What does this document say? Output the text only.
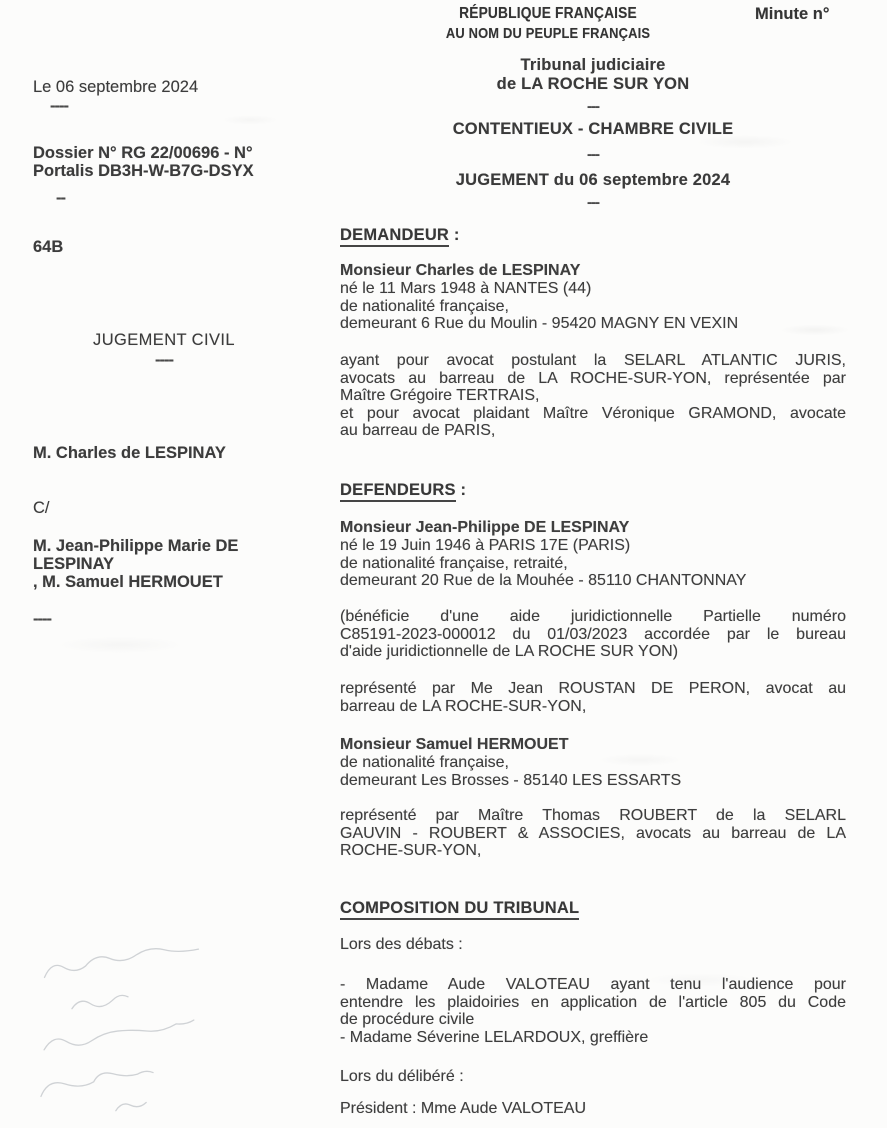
RÉPUBLIQUE FRANÇAISE
AU NOM DU PEUPLE FRANÇAIS
Minute n°
Tribunal judiciaire
de LA ROCHE SUR YON
---
CONTENTIEUX - CHAMBRE CIVILE
---
JUGEMENT du 06 septembre 2024
---
Le 06 septembre 2024
----
Dossier N° RG 22/00696 - N°
Portalis DB3H-W-B7G-DSYX
--
64B
JUGEMENT CIVIL
----
M. Charles de LESPINAY
C/
M. Jean-Philippe Marie DE
LESPINAY
, M. Samuel HERMOUET
----
DEMANDEUR :
Monsieur Charles de LESPINAY
né le 11 Mars 1948 à NANTES (44)
de nationalité française,
demeurant 6 Rue du Moulin - 95420 MAGNY EN VEXIN
ayant pour avocat postulant la SELARL ATLANTIC JURIS,
avocats au barreau de LA ROCHE-SUR-YON, représentée par
Maître Grégoire TERTRAIS,
et pour avocat plaidant Maître Véronique GRAMOND, avocate
au barreau de PARIS,
DEFENDEURS :
Monsieur Jean-Philippe DE LESPINAY
né le 19 Juin 1946 à PARIS 17E (PARIS)
de nationalité française, retraité,
demeurant 20 Rue de la Mouhée - 85110 CHANTONNAY
(bénéficie d'une aide juridictionnelle Partielle numéro
C85191-2023-000012 du 01/03/2023 accordée par le bureau
d'aide juridictionnelle de LA ROCHE SUR YON)
représenté par Me Jean ROUSTAN DE PERON, avocat au
barreau de LA ROCHE-SUR-YON,
Monsieur Samuel HERMOUET
de nationalité française,
demeurant Les Brosses - 85140 LES ESSARTS
représenté par Maître Thomas ROUBERT de la SELARL
GAUVIN - ROUBERT & ASSOCIES, avocats au barreau de LA
ROCHE-SUR-YON,
COMPOSITION DU TRIBUNAL
Lors des débats :
- Madame Aude VALOTEAU ayant tenu l'audience pour
entendre les plaidoiries en application de l'article 805 du Code
de procédure civile
- Madame Séverine LELARDOUX, greffière
Lors du délibéré :
Président : Mme Aude VALOTEAU
